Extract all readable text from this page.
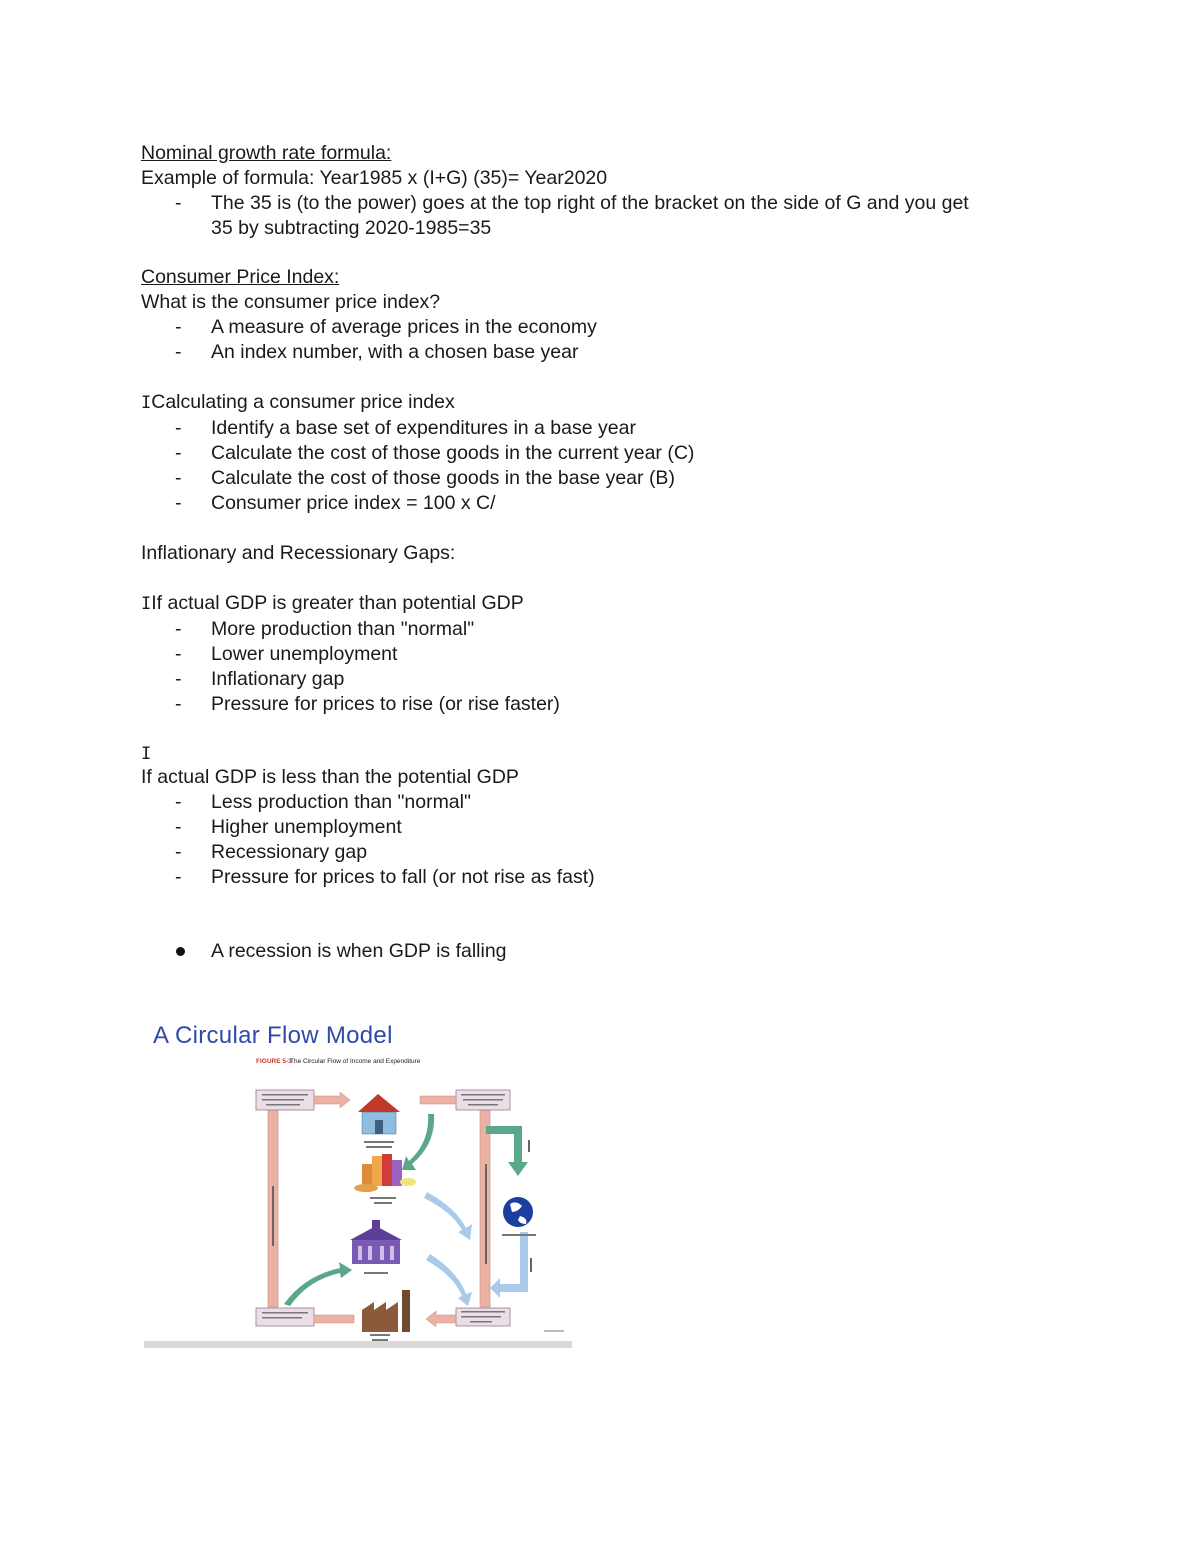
Nominal growth rate formula:
Example of formula: Year1985 x (I+G) (35)= Year2020
- The 35 is (to the power) goes at the top right of the bracket on the side of G and you get
35 by subtracting 2020-1985=35
Consumer Price Index:
What is the consumer price index?
- A measure of average prices in the economy
- An index number, with a chosen base year
ICalculating a consumer price index
- Identify a base set of expenditures in a base year
- Calculate the cost of those goods in the current year (C)
- Calculate the cost of those goods in the base year (B)
- Consumer price index = 100 x C/
Inflationary and Recessionary Gaps:
IIf actual GDP is greater than potential GDP
- More production than "normal"
- Lower unemployment
- Inflationary gap
- Pressure for prices to rise (or rise faster)
I
If actual GDP is less than the potential GDP
- Less production than "normal"
- Higher unemployment
- Recessionary gap
- Pressure for prices to fall (or not rise as fast)
A recession is when GDP is falling
A Circular Flow Model
FIGURE 5-3
The Circular Flow of Income and Expenditure
